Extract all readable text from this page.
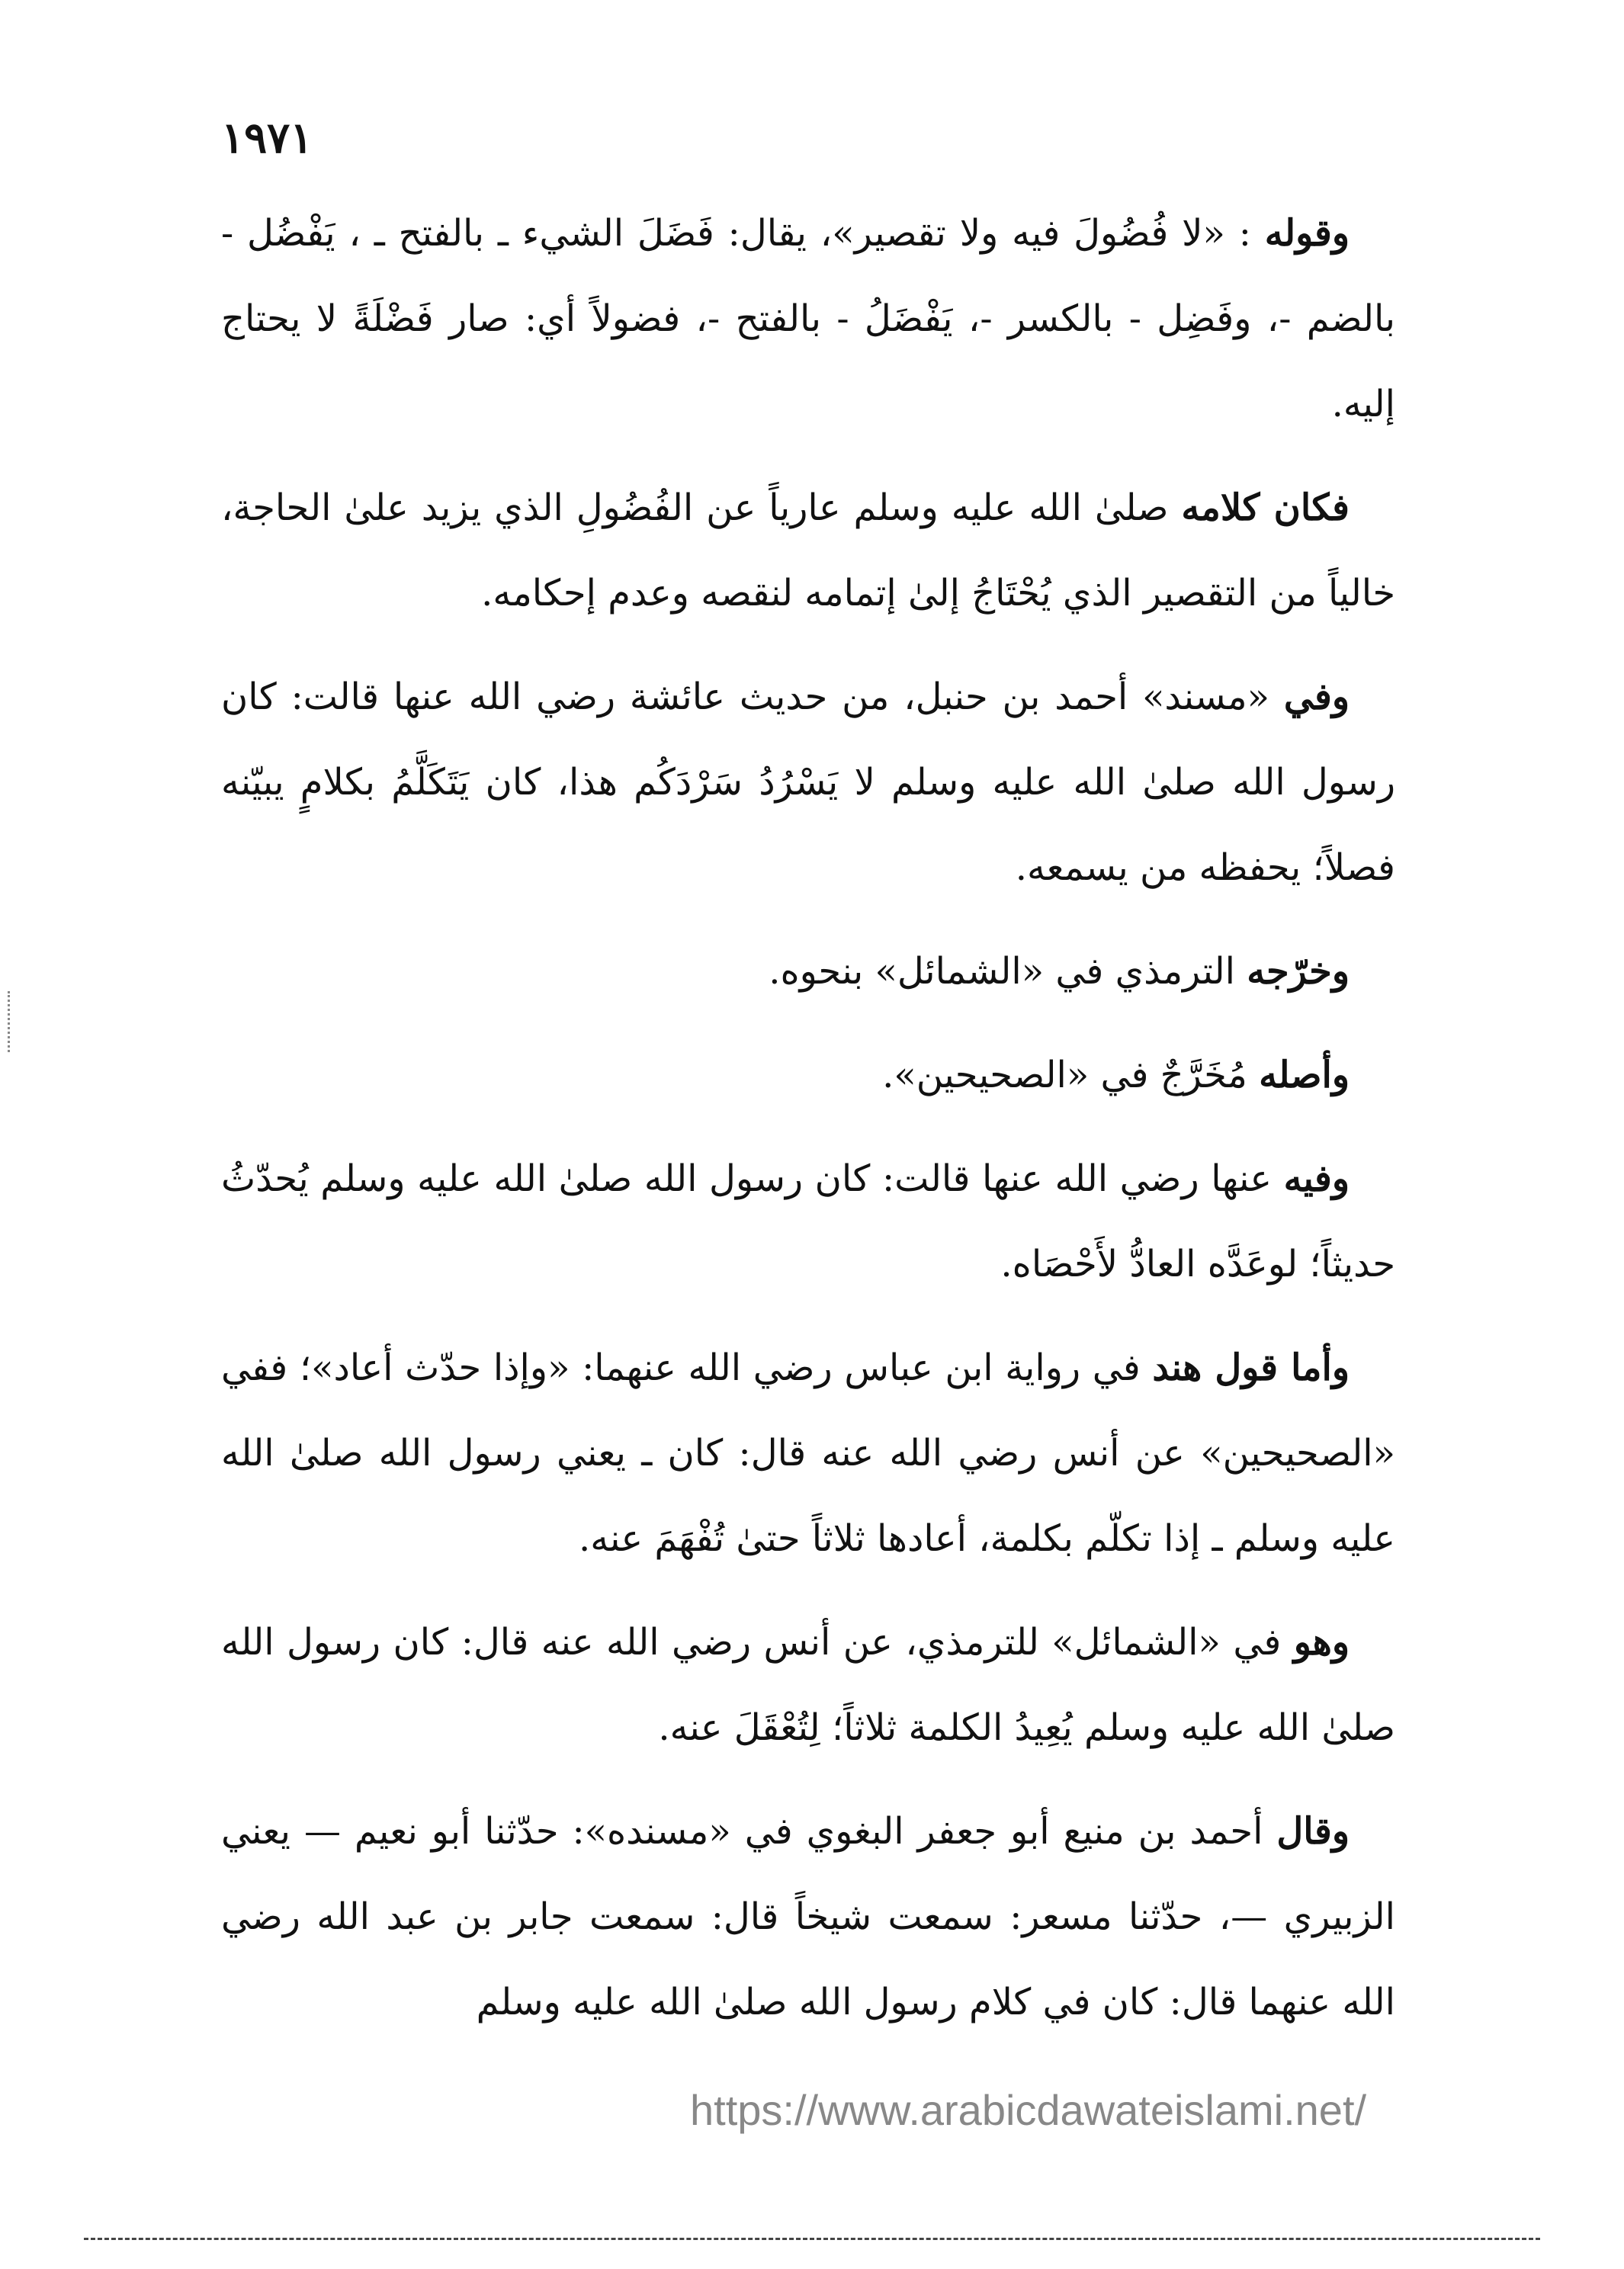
١٩٧١

وقوله : «لا فُضُولَ فيه ولا تقصير»، يقال: فَضَلَ الشيء ـ بالفتح ـ ، يَفْضُل - بالضم -، وفَضِل - بالكسر -، يَفْضَلُ - بالفتح -، فضولاً أي: صار فَضْلَةً لا يحتاج إليه.

فكان كلامه صلىٰ الله عليه وسلم عارياً عن الفُضُولِ الذي يزيد علىٰ الحاجة، خالياً من التقصير الذي يُحْتَاجُ إلىٰ إتمامه لنقصه وعدم إحكامه.

وفي «مسند» أحمد بن حنبل، من حديث عائشة رضي الله عنها قالت: كان رسول الله صلىٰ الله عليه وسلم لا يَسْرُدُ سَرْدَكُم هذا، كان يَتَكَلَّمُ بكلامٍ يبيّنه فصلاً؛ يحفظه من يسمعه.

وخرّجه الترمذي في «الشمائل» بنحوه.

وأصله مُخَرَّجٌ في «الصحيحين».

وفيه عنها رضي الله عنها قالت: كان رسول الله صلىٰ الله عليه وسلم يُحدّثُ حديثاً؛ لوعَدَّه العادُّ لأَحْصَاه.

وأما قول هند في رواية ابن عباس رضي الله عنهما: «وإذا حدّث أعاد»؛ ففي «الصحيحين» عن أنس رضي الله عنه قال: كان ـ يعني رسول الله صلىٰ الله عليه وسلم ـ إذا تكلّم بكلمة، أعادها ثلاثاً حتىٰ تُفْهَمَ عنه.

وهو في «الشمائل» للترمذي، عن أنس رضي الله عنه قال: كان رسول الله صلىٰ الله عليه وسلم يُعِيدُ الكلمة ثلاثاً؛ لِتُعْقَلَ عنه.

وقال أحمد بن منيع أبو جعفر البغوي في «مسنده»: حدّثنا أبو نعيم — يعني الزبيري —، حدّثنا مسعر: سمعت شيخاً قال: سمعت جابر بن عبد الله رضي الله عنهما قال: كان في كلام رسول الله صلىٰ الله عليه وسلم

https://www.arabicdawateislami.net/
